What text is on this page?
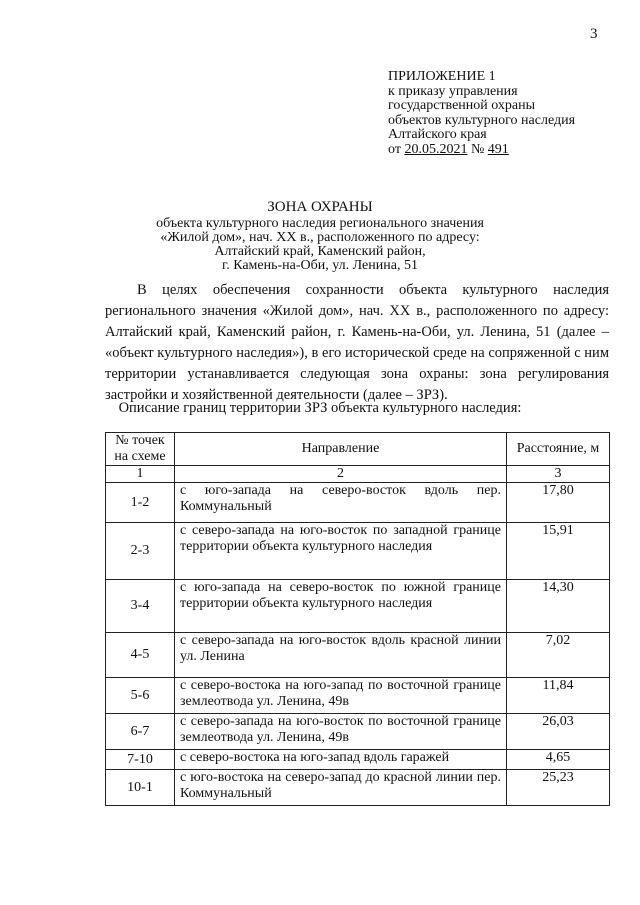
3
ПРИЛОЖЕНИЕ 1
к приказу управления
государственной охраны
объектов культурного наследия
Алтайского края
от 20.05.2021 № 491
ЗОНА ОХРАНЫ
объекта культурного наследия регионального значения
«Жилой дом», нач. XX в., расположенного по адресу:
Алтайский край, Каменский район,
г. Камень-на-Оби, ул. Ленина, 51
В целях обеспечения сохранности объекта культурного наследия регионального значения «Жилой дом», нач. XX в., расположенного по адресу: Алтайский край, Каменский район, г. Камень-на-Оби, ул. Ленина, 51 (далее – «объект культурного наследия»), в его исторической среде на сопряженной с ним территории устанавливается следующая зона охраны: зона регулирования застройки и хозяйственной деятельности (далее – ЗРЗ).
Описание границ территории ЗРЗ объекта культурного наследия:
№ точек на схеме	Направление	Расстояние, м
1	2	3
1-2	с юго-запада на северо-восток вдоль пер. Коммунальный	17,80
2-3	с северо-запада на юго-восток по западной границе территории объекта культурного наследия	15,91
3-4	с юго-запада на северо-восток по южной границе территории объекта культурного наследия	14,30
4-5	с северо-запада на юго-восток вдоль красной линии ул. Ленина	7,02
5-6	с северо-востока на юго-запад по восточной границе землеотвода ул. Ленина, 49в	11,84
6-7	с северо-запада на юго-восток по восточной границе землеотвода ул. Ленина, 49в	26,03
7-10	с северо-востока на юго-запад вдоль гаражей	4,65
10-1	с юго-востока на северо-запад до красной линии пер. Коммунальный	25,23
